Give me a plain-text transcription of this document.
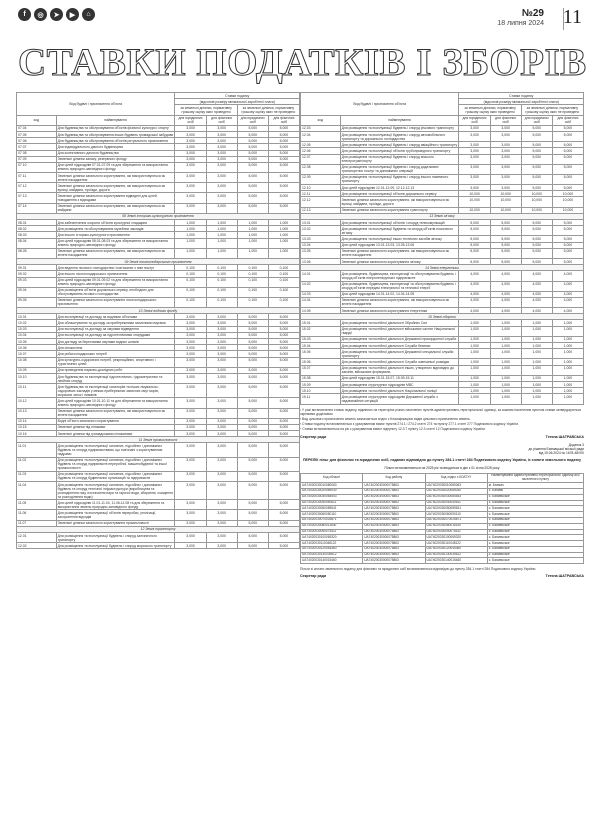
f	◎	➤	▶	⌂	№29
18 липня 2024 11
СТАВКИ ПОДАТКІВ І ЗБОРІВ
Вид будівлі і призначення об’єкта		Ставки податку			
		(відсотків розміру мінімальної заробітної плати)			
		за земельні ділянки, нормативну грошову оцінку яких проведено		за земельні ділянки, нормативну грошову оцінку яких не проведено	
код	найменування	для юридичних осіб	для фізичних осіб	для юридичних осіб	для фізичних осіб
07.04	Для будівництва та обслуговування об’єктів фізичної культури і спорту	3,000	3,000	5,000	5,000
07.05	Для будівництва та обслуговування інших будівель громадської забудови	3,000	3,000	5,000	5,000
07.06	Для будівництва та обслуговування об’єктів ритуального призначення	3,000	3,000	5,000	5,000
07.07	Для індивідуального дачного будівництва	3,000	3,000	5,000	5,000
07.08	Для колективного дачного будівництва	3,000	3,000	5,000	5,000
07.09	Земельні ділянки запасу, резервного фонду	3,000	3,000	5,000	5,000
07.10	Для цілей підрозділів 07.01-07.09 та для збереження та використання земель природно-заповідного фонду	3,000	3,000	5,000	5,000
07.11	Земельні ділянки загального користування, які використовуються як зелені насадження	3,000	3,000	5,000	5,000
07.12	Земельні ділянки загального користування, які використовуються як вулиці, майдани, проїзди, дороги	3,000	3,000	5,000	5,000
07.13	Земельні ділянки загального користування відведені для цілей поводження з відходами	3,000	3,000	5,000	5,000
07.14	Земельні ділянки загального користування, які використовуються як майдани	3,000	3,000	5,000	5,000
08 Землі історико-культурного призначення					
08.01	Для забезпечення охорони об’єктів культурної спадщини	1,000	1,000	1,000	1,000
08.02	Для розміщення та обслуговування музейних закладів	1,000	1,000	1,000	1,000
08.03	Для іншого історико-культурного призначення	1,000	1,000	1,000	1,000
08.04	Для цілей підрозділів 08.01-08.03 та для збереження та використання земель природно-заповідного фонду	1,000	1,000	1,000	1,000
08.05	Земельні ділянки загального користування, які використовуються як зелені насадження	1,000	1,000	1,000	1,000
09 Землі лісогосподарського призначення					
09.01	Для ведення лісового господарства і пов’язаних з ним послуг	0,100	0,100	0,100	0,100
09.02	Для іншого лісогосподарського призначення	0,100	0,100	0,100	0,100
09.03	Для цілей підрозділів 09.01-09.02 та для збереження та використання земель природно-заповідного фонду	0,100	0,100	0,100	0,100
09.04	Для розміщення об’єктів дорожнього сервісу, необхідних для обслуговування лісового господарства	0,100	0,100	0,100	0,100
09.05	Земельні ділянки загального користування лісогосподарського призначення	0,100	0,100	0,100	0,100
10 Землі водного фонду					
10.01	Для експлуатації та догляду за водними об’єктами	3,000	3,000	5,000	5,000
10.02	Для облаштування та догляду за прибережними захисними смугами	3,000	3,000	5,000	5,000
10.03	Для експлуатації та догляду за смугами відведення	3,000	3,000	5,000	5,000
10.04	Для експлуатації та догляду за гідротехнічними спорудами	3,000	3,000	5,000	5,000
10.05	Для догляду за береговими смугами водних шляхів	3,000	3,000	5,000	5,000
10.06	Для сінокосіння	3,000	3,000	5,000	5,000
10.07	Для рибогосподарських потреб	3,000	3,000	5,000	5,000
10.08	Для культурно-оздоровчих потреб, рекреаційних, спортивних і туристичних цілей	3,000	3,000	5,000	5,000
10.09	Для проведення науково-дослідних робіт	3,000	3,000	5,000	5,000
10.10	Для будівництва та експлуатації гідротехнічних, гідрометричних та лінійних споруд	3,000	3,000	5,000	5,000
10.11	Для будівництва та експлуатації санаторіїв та інших лікувально-оздоровчих закладів у межах прибережних захисних смуг морів, морських заток і лиманів	3,000	3,000	5,000	5,000
10.12	Для цілей підрозділів 10.01-10.11 та для збереження та використання земель природно-заповідного фонду	3,000	3,000	5,000	5,000
10.13	Земельні ділянки загального користування, які використовуються як зелені насадження	3,000	3,000	5,000	5,000
10.14	Водні об’єкти загального користування	3,000	3,000	5,000	5,000
10.15	Земельні ділянки під пляжами	3,000	3,000	5,000	5,000
10.16	Земельні ділянки під громадськими сіножатями	3,000	3,000	5,000	5,000
11 Землі промисловості					
11.01	Для розміщення та експлуатації основних, підсобних і допоміжних будівель та споруд підприємствами, що пов’язані з користуванням надрами	3,000	3,000	5,000	5,000
11.02	Для розміщення та експлуатації основних, підсобних і допоміжних будівель та споруд підприємств переробної, машинобудівної та іншої промисловості	3,000	3,000	5,000	5,000
11.03	Для розміщення та експлуатації основних, підсобних і допоміжних будівель та споруд будівельних організацій та підприємств	3,000	3,000	5,000	5,000
11.04	Для розміщення та експлуатації основних, підсобних і допоміжних будівель та споруд технічної інфраструктури (виробництва та розподілення газу, постачання пари та гарячої води, збирання, очищення та розподілення води)	3,000	3,000	5,000	5,000
11.05	Для цілей підрозділів 11.01-11.04, 11.06-11.08 та для збереження та використання земель природно-заповідного фонду	3,000	3,000	5,000	5,000
11.06	Для розміщення та експлуатації об’єктів переробки, утилізації, захоронення відходів	3,000	3,000	5,000	5,000
11.07	Земельні ділянки загального користування промисловості	3,000	3,000	5,000	5,000
12 Землі транспорту					
12.01	Для розміщення та експлуатації будівель і споруд залізничного транспорту	3,000	3,000	5,000	5,000
12.02	Для розміщення та експлуатації будівель і споруд морського транспорту	3,000	3,000	5,000	5,000
Вид будівлі і призначення об’єкта		Ставки податку			
		(відсотків розміру мінімальної заробітної плати)			
		за земельні ділянки, нормативну грошову оцінку яких проведено		за земельні ділянки, нормативну грошову оцінку яких не проведено	
код	найменування	для юридичних осіб	для фізичних осіб	для юридичних осіб	для фізичних осіб
12.03	Для розміщення та експлуатації будівель і споруд річкового транспорту	3,000	3,000	5,000	5,000
12.04	Для розміщення та експлуатації будівель і споруд автомобільного транспорту та дорожнього господарства	3,000	3,000	5,000	5,000
12.05	Для розміщення та експлуатації будівель і споруд авіаційного транспорту	3,000	3,000	5,000	5,000
12.06	Для розміщення та експлуатації об’єктів трубопровідного транспорту	3,000	3,000	5,000	5,000
12.07	Для розміщення та експлуатації будівель і споруд міського електротранспорту	3,000	3,000	5,000	5,000
12.08	Для розміщення та експлуатації будівель і споруд додаткових транспортних послуг та допоміжних операцій	3,000	3,000	5,000	5,000
12.09	Для розміщення та експлуатації будівель і споруд іншого наземного транспорту	3,000	3,000	5,000	5,000
12.10	Для цілей підрозділів 12.01-12.09, 12.12-12.13	3,000	3,000	5,000	5,000
12.11	Для розміщення та експлуатації об’єктів дорожнього сервісу	10,000	10,000	10,000	10,000
12.12	Земельні ділянки загального користування, які використовуються як вулиці, майдани, проїзди, дороги	10,000	10,000	10,000	10,000
12.13	Земельні ділянки загального користування транспорту	10,000	10,000	10,000	10,000
13 Землі зв’язку					
13.01	Для розміщення та експлуатації об’єктів і споруд телекомунікацій	5,000	5,000	5,000	5,000
13.02	Для розміщення та експлуатації будівель та споруд об’єктів поштового зв’язку	5,000	5,000	5,000	5,000
13.03	Для розміщення та експлуатації інших технічних засобів зв’язку	5,000	5,000	5,000	5,000
13.04	Для цілей підрозділів 13.01-13.03, 13.05-13.06	5,000	5,000	5,000	5,000
13.05	Земельні ділянки загального користування, які використовуються як зелені насадження	5,000	5,000	5,000	5,000
13.06	Земельні ділянки загального користування зв’язку	5,000	5,000	5,000	5,000
14 Землі енергетики					
14.01	Для розміщення, будівництва, експлуатації та обслуговування будівель і споруд об’єктів енергогенеруючих підприємств	4,000	4,000	4,000	4,000
14.02	Для розміщення, будівництва, експлуатації та обслуговування будівель і споруд об’єктів передачі електричної та теплової енергії	4,000	4,000	4,000	4,000
14.03	Для цілей підрозділів 14.01-14.02, 14.04-14.05	4,000	4,000	4,000	4,000
14.04	Земельні ділянки загального користування, які використовуються як зелені насадження	4,000	4,000	4,000	4,000
14.05	Земельні ділянки загального користування енергетики	4,000	4,000	4,000	4,000
15 Землі оборони					
15.01	Для розміщення та постійної діяльності Збройних Сил	1,000	1,000	1,000	1,000
15.02	Для розміщення та постійної діяльності військових частин Національної гвардії	1,000	1,000	1,000	1,000
15.03	Для розміщення та постійної діяльності Державної прикордонної служби	1,000	1,000	1,000	1,000
15.04	Для розміщення та постійної діяльності Служби безпеки	1,000	1,000	1,000	1,000
15.05	Для розміщення та постійної діяльності Державної спеціальної служби транспорту	1,000	1,000	1,000	1,000
15.06	Для розміщення та постійної діяльності Служби зовнішньої розвідки	1,000	1,000	1,000	1,000
15.07	Для розміщення та постійної діяльності інших, утворених відповідно до законів, військових формувань	1,000	1,000	1,000	1,000
15.08	Для цілей підрозділів 15.01-15.07, 15.09-15.11	1,000	1,000	1,000	1,000
15.09	Для розміщення структурних підрозділів МВС	1,000	1,000	1,000	1,000
15.10	Для розміщення та постійної діяльності Національної поліції	1,000	1,000	1,000	1,000
15.11	Для розміщення структурних підрозділів Державної служби з надзвичайних ситуацій	1,000	1,000	1,000	1,000

¹ У разі встановлення ставок податку, відмінних на територіях різних населених пунктів адміністративно-територіальної одиниці, за кожним населеним пунктом ставки затверджуються окремими додатками.

² Вид цільового призначення земель зазначається згідно з Класифікацією видів цільового призначення земель.

³ Ставки податку встановлюються з урахуванням вимог пунктів 274.1 і 274.2 статті 274 та пункту 277.1 статті 277 Податкового кодексу України.

⁴ Ставки встановлюються на рік з урахуванням вимог підпункту 12.3.7 пункту 12.3 статті 12 Податкового кодексу України.

Секретар ради	Тетяна ШАТРАВСЬКА
Додаток 3
до рішення Бахмацької міської ради
від 19.06.2024 № 1678-48/VIII
ПЕРЕЛІК пільг для фізичних та юридичних осіб, наданих відповідно до пункту 284.1 статті 284 Податкового кодексу України, із сплати земельного податку
Пільги встановлюються на 2025 рік та вводяться в дію з 01 січня 2025 року
Код області	Код району	Код згідно з КОАТУУ	Найменування адміністративно-територіальної одиниці або населеного пункту
UA74020030010080063	UA74020030000075863	UA74020030010080063	м. Бахмач
UA74020030020089030	UA74020030000075863	UA74020030020089030	с. Бахмач
UA74020030030084543	UA74020030000075863	UA74020030030084543	с. Бахмачське
UA74020030040040611	UA74020030000075863	UA74020030040040611	с. Бахмачське
UA74020030050089541	UA74020030000075863	UA74020030050089541	с. Бахмачське
UA74020030060050110	UA74020030000075863	UA74020030060050110	с. Бахмачське
UA74020030070025871	UA74020030000075863	UA74020030070025871	с. Бахмачське
UA74020030080011630	UA74020030000075863	UA74020030080011630	с. Бахмачське
UA74020030090075411	UA74020030000075863	UA74020030090075411	с. Бахмачське
UA74020030100069320	UA74020030000075863	UA74020030100069320	с. Бахмачське
UA74020030110048122	UA74020030000075863	UA74020030110048122	с. Бахмачське
UA74020030120045360	UA74020030000075863	UA74020030120045360	с. Бахмачське
UA74020030130039612	UA74020030000075863	UA74020030130039612	с. Бахмачське
UA74020030140015460	UA74020030000075863	UA74020030140015460	с. Бахмачське
Пільги зі сплати земельного податку для фізичних та юридичних осіб встановлюються відповідно до пункту 284.1 статті 284 Податкового кодексу України.
Секретар ради	Тетяна ШАТРАВСЬКА
